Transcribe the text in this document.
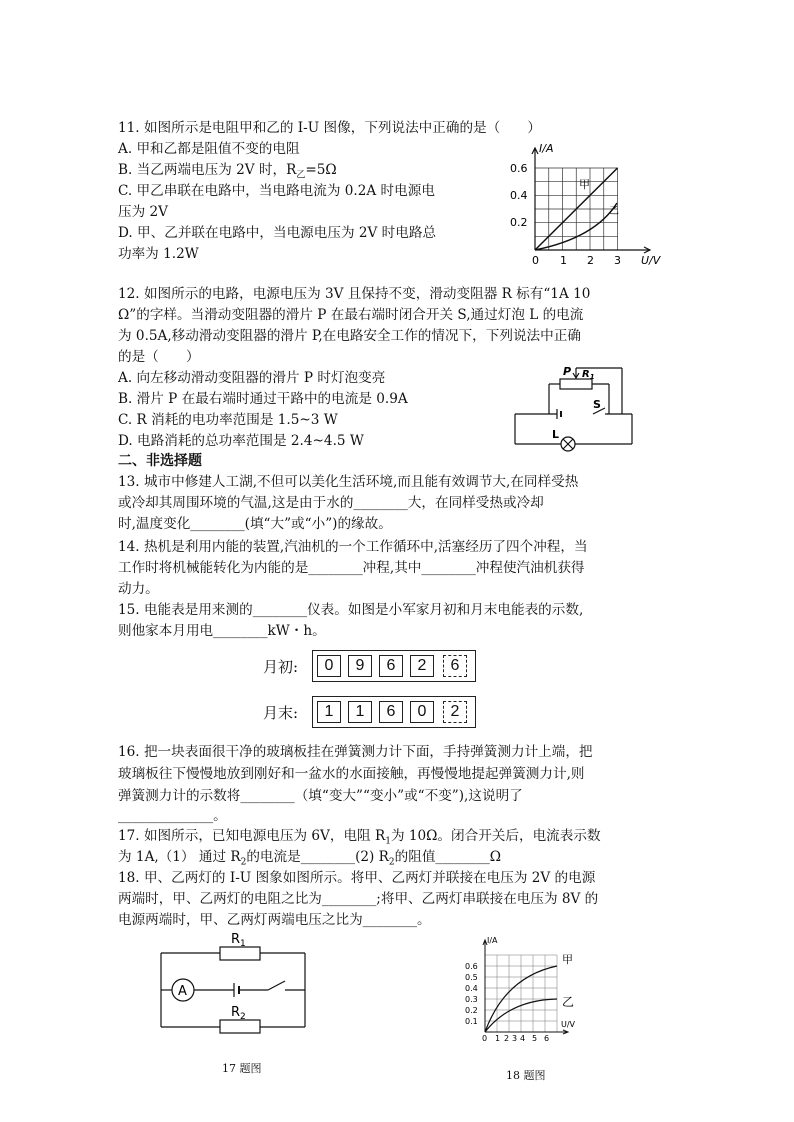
11. 如图所示是电阻甲和乙的 I-U 图像，下列说法中正确的是（　　）
A. 甲和乙都是阻值不变的电阻
B. 当乙两端电压为 2V 时，$R_乙=5\Omega$
C. 甲乙串联在电路中，当电路电流为 0.2A 时电源电
压为 2V
D. 甲、乙并联在电路中，当电源电压为 2V 时电路总
功率为 1.2W
I/A
U/V
0.6
0.4
0.2
0 1 2 3
甲
乙
12. 如图所示的电路，电源电压为 3V 且保持不变，滑动变阻器 R 标有“1A 10
Ω”的字样。当滑动变阻器的滑片 P 在最右端时闭合开关 S,通过灯泡 L 的电流
为 0.5A,移动滑动变阻器的滑片 P,在电路安全工作的情况下，下列说法中正确
的是（　　）
A. 向左移动滑动变阻器的滑片 P 时灯泡变亮
B. 滑片 P 在最右端时通过干路中的电流是 0.9A
C. R 消耗的电功率范围是 1.5~3 W
D. 电路消耗的总功率范围是 2.4~4.5 W
P $R_1$
S
L
二、非选择题
13. 城市中修建人工湖,不但可以美化生活环境,而且能有效调节大,在同样受热
或冷却其周围环境的气温,这是由于水的________大，在同样受热或冷却
时,温度变化________(填“大”或“小”)的缘故。
14. 热机是利用内能的装置,汽油机的一个工作循环中,活塞经历了四个冲程，当
工作时将机械能转化为内能的是________冲程,其中________冲程使汽油机获得
动力。
15. 电能表是用来测的________仪表。如图是小军家月初和月末电能表的示数,
则他家本月用电________kW・h。
月初:	0	9	6	2	6
月末:	1	1	6	0	2
16. 把一块表面很干净的玻璃板挂在弹簧测力计下面，手持弹簧测力计上端，把
玻璃板往下慢慢地放到刚好和一盆水的水面接触，再慢慢地提起弹簧测力计,则
弹簧测力计的示数将________（填“变大”“变小”或“不变”),这说明了
______________。
17. 如图所示，已知电源电压为 6V，电阻 $R_1$为 10Ω。闭合开关后，电流表示数
为 1A,（1） 通过 $R_2$的电流是________(2) $R_2$的阻值________Ω
18. 甲、乙两灯的 I-U 图象如图所示。将甲、乙两灯并联接在电压为 2V 的电源
两端时，甲、乙两灯的电阻之比为________;将甲、乙两灯串联接在电压为 8V 的
电源两端时，甲、乙两灯两端电压之比为________。
$R_1$
$R_2$
A
17 题图
I/A
U/V
0.6
0.5
0.4
0.3
0.2
0.1
0 1 2 3 4 5 6
甲
乙
18 题图
